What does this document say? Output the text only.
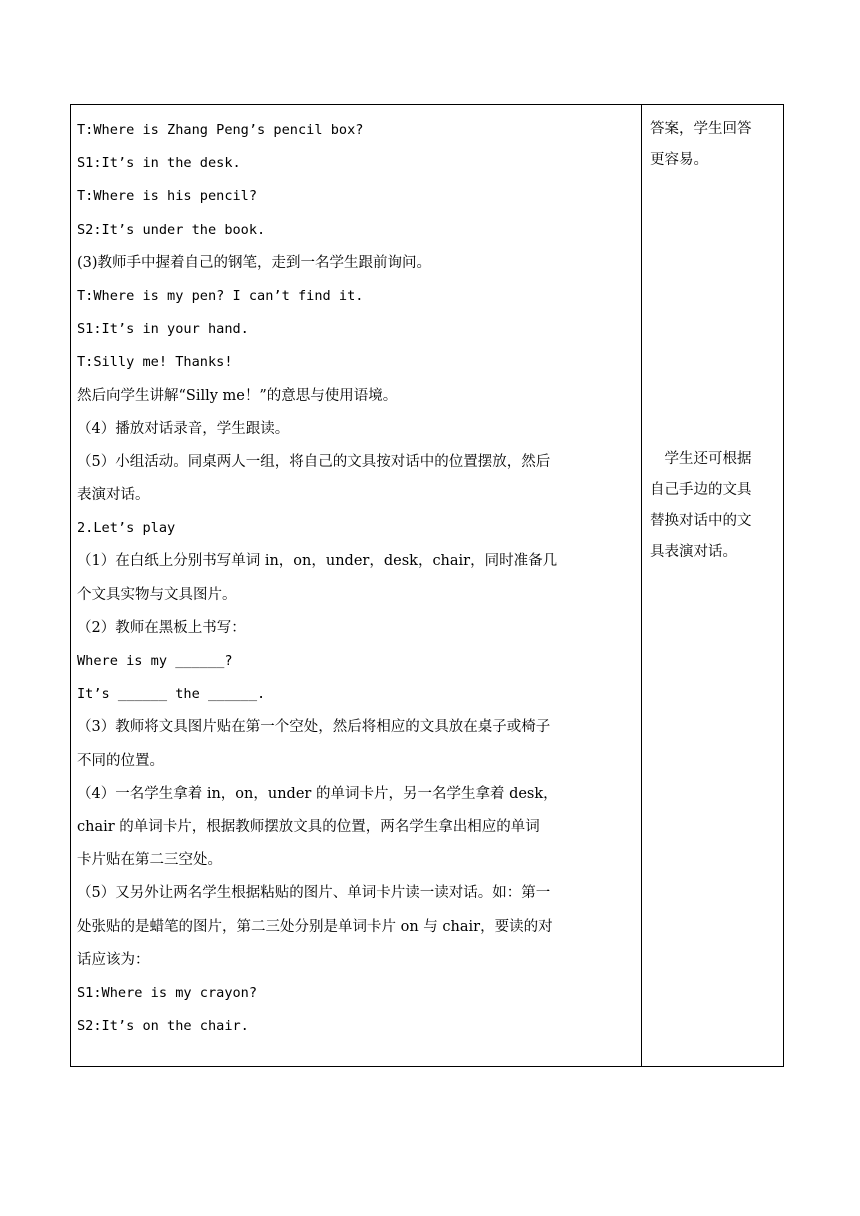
T:Where is Zhang Peng’s pencil box?
S1:It’s in the desk.
T:Where is his pencil?
S2:It’s under the book.
(3)教师手中握着自己的钢笔，走到一名学生跟前询问。
T:Where is my pen? I can’t find it.
S1:It’s in your hand.
T:Silly me! Thanks!
然后向学生讲解“Silly me！”的意思与使用语境。
（4）播放对话录音，学生跟读。
（5）小组活动。同桌两人一组，将自己的文具按对话中的位置摆放，然后
表演对话。
2.Let’s play
（1）在白纸上分别书写单词 in，on，under，desk，chair，同时准备几
个文具实物与文具图片。
（2）教师在黑板上书写：
Where is my ______?
It’s ______ the ______.
（3）教师将文具图片贴在第一个空处，然后将相应的文具放在桌子或椅子
不同的位置。
（4）一名学生拿着 in，on，under 的单词卡片，另一名学生拿着 desk，
chair 的单词卡片，根据教师摆放文具的位置，两名学生拿出相应的单词
卡片贴在第二三空处。
（5）又另外让两名学生根据粘贴的图片、单词卡片读一读对话。如：第一
处张贴的是蜡笔的图片，第二三处分别是单词卡片 on 与 chair，要读的对
话应该为：
S1:Where is my crayon?
S2:It’s on the chair.
答案，学生回答
更容易。
　学生还可根据
自己手边的文具
替换对话中的文
具表演对话。
